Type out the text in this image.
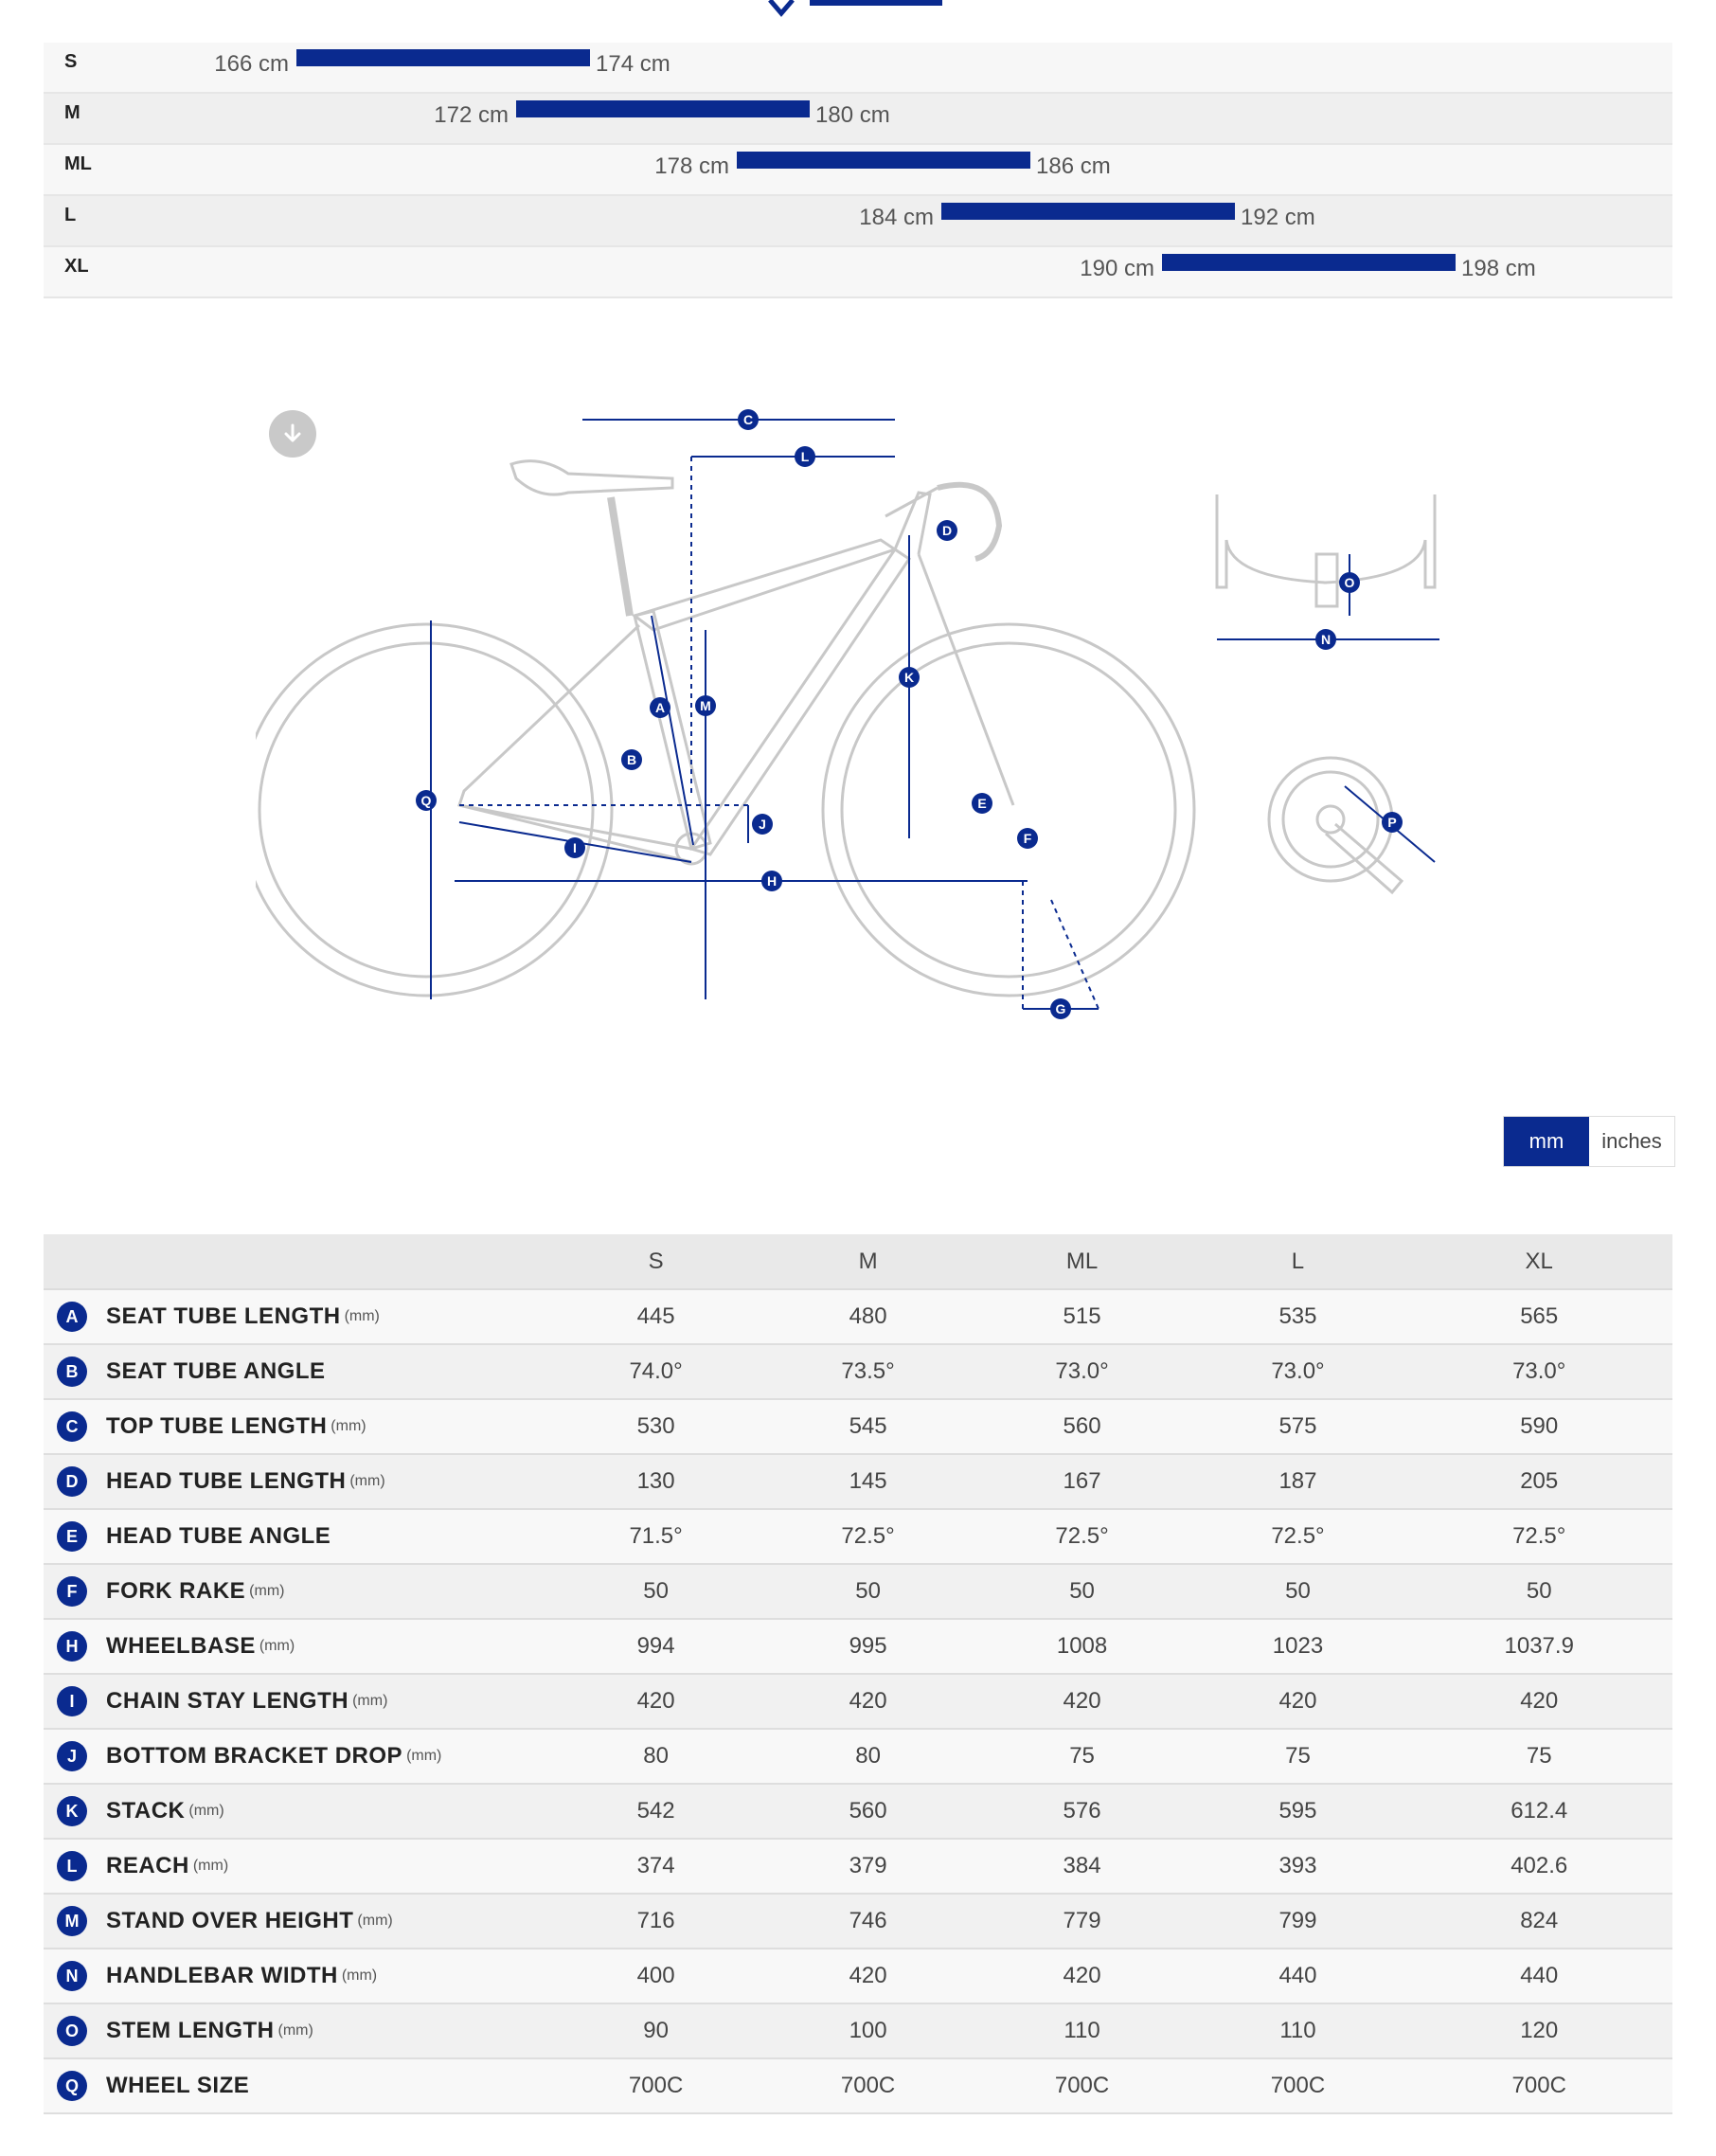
S	166 cm	174 cm
M	172 cm	180 cm
ML	178 cm	186 cm
L	184 cm	192 cm
XL	190 cm	198 cm
C
L
D
K
M
A
B
Q
J
E
F
I
H
G
N
O
P
mm	inches
	S	M	ML	L	XL
A SEAT TUBE LENGTH (mm)	445	480	515	535	565
B SEAT TUBE ANGLE	74.0°	73.5°	73.0°	73.0°	73.0°
C TOP TUBE LENGTH (mm)	530	545	560	575	590
D HEAD TUBE LENGTH (mm)	130	145	167	187	205
E HEAD TUBE ANGLE	71.5°	72.5°	72.5°	72.5°	72.5°
F FORK RAKE (mm)	50	50	50	50	50
H WHEELBASE (mm)	994	995	1008	1023	1037.9
I CHAIN STAY LENGTH (mm)	420	420	420	420	420
J BOTTOM BRACKET DROP (mm)	80	80	75	75	75
K STACK (mm)	542	560	576	595	612.4
L REACH (mm)	374	379	384	393	402.6
M STAND OVER HEIGHT (mm)	716	746	779	799	824
N HANDLEBAR WIDTH (mm)	400	420	420	440	440
O STEM LENGTH (mm)	90	100	110	110	120
Q WHEEL SIZE	700C	700C	700C	700C	700C
